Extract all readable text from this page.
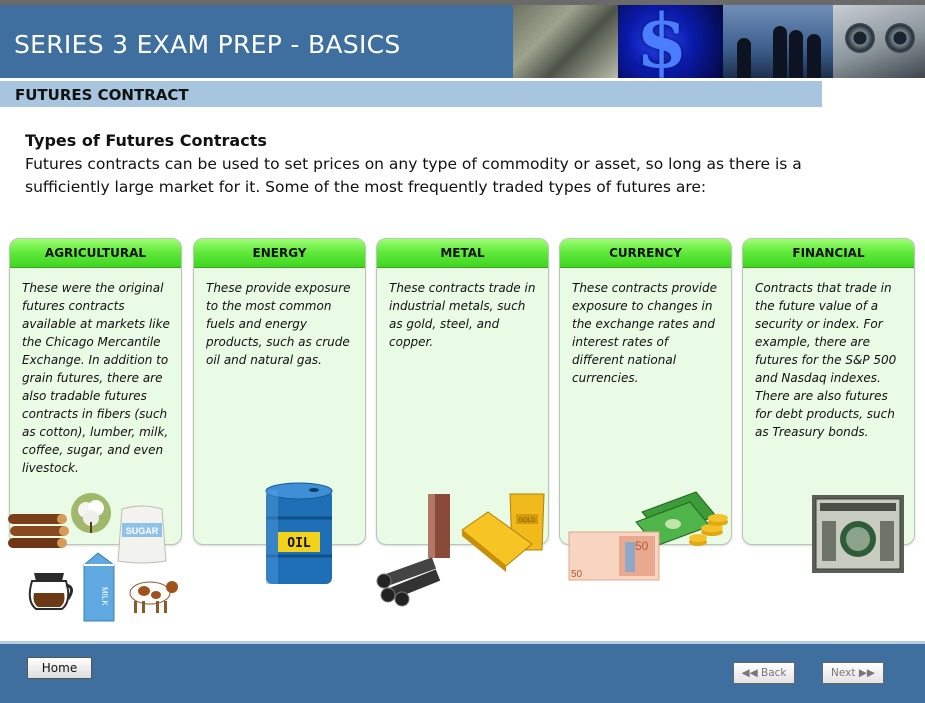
SERIES 3 EXAM PREP - BASICS	$
FUTURES CONTRACT
Types of Futures Contracts
Futures contracts can be used to set prices on any type of commodity or asset, so long as there is a sufficiently large market for it. Some of the most frequently traded types of futures are:
AGRICULTURAL
These were the original futures contracts available at markets like the Chicago Mercantile Exchange. In addition to grain futures, there are also tradable futures contracts in fibers (such as cotton), lumber, milk, coffee, sugar, and even livestock.
ENERGY
These provide exposure to the most common fuels and energy products, such as crude oil and natural gas.
METAL
These contracts trade in industrial metals, such as gold, steel, and copper.
CURRENCY
These contracts provide exposure to changes in the exchange rates and interest rates of different national currencies.
FINANCIAL
Contracts that trade in the future value of a security or index. For example, there are futures for the S&P 500 and Nasdaq indexes. There are also futures for debt products, such as Treasury bonds.
SUGAR
MILK
OIL
GOLD
50
50
Home	◀◀ Back	Next ▶▶
